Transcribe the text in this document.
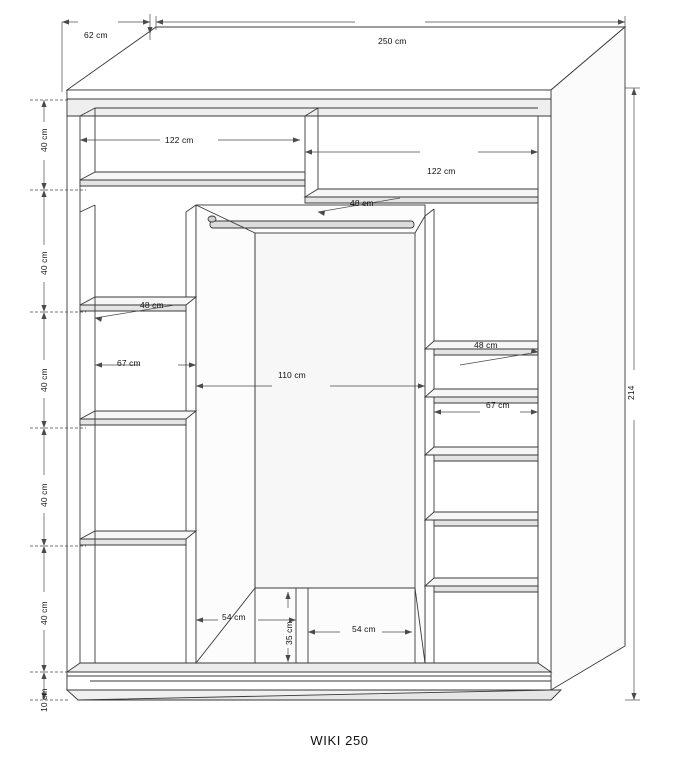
250 cm
62 cm
214
40 cm
40 cm
40 cm
40 cm
40 cm
10 cm
122 cm
122 cm
48 cm
48 cm
48 cm
67 cm
67 cm
110 cm
54 cm
54 cm
35 cm
WIKI 250
